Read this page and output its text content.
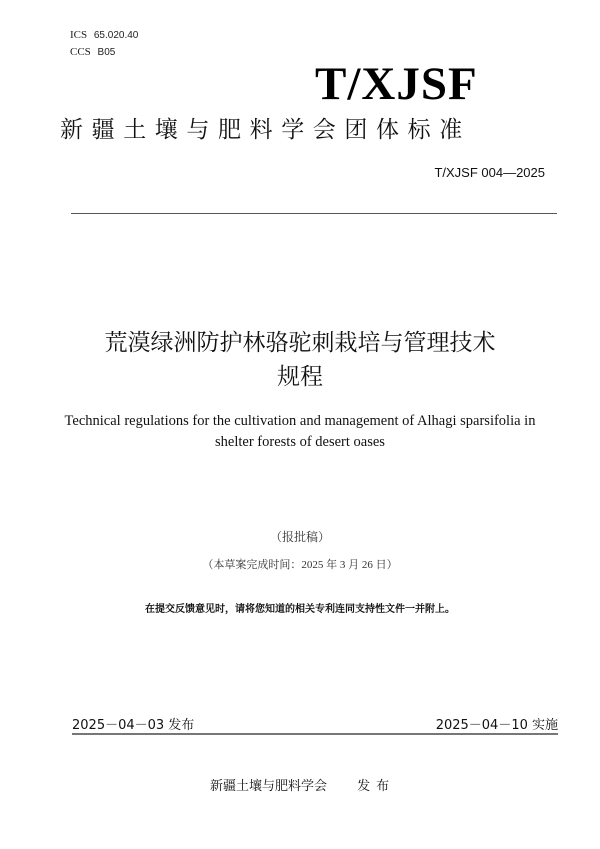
ICS 65.020.40
CCS B05
T/XJSF
新疆土壤与肥料学会团体标准
T/XJSF 004—2025
荒漠绿洲防护林骆驼刺栽培与管理技术
规程
Technical regulations for the cultivation and management of Alhagi sparsifolia in
shelter forests of desert oases
（报批稿）
（本草案完成时间：2025 年 3 月 26 日）
在提交反馈意见时，请将您知道的相关专利连同支持性文件一并附上。
2025－04－03 发布	2025－04－10 实施
新疆土壤与肥料学会 发布
